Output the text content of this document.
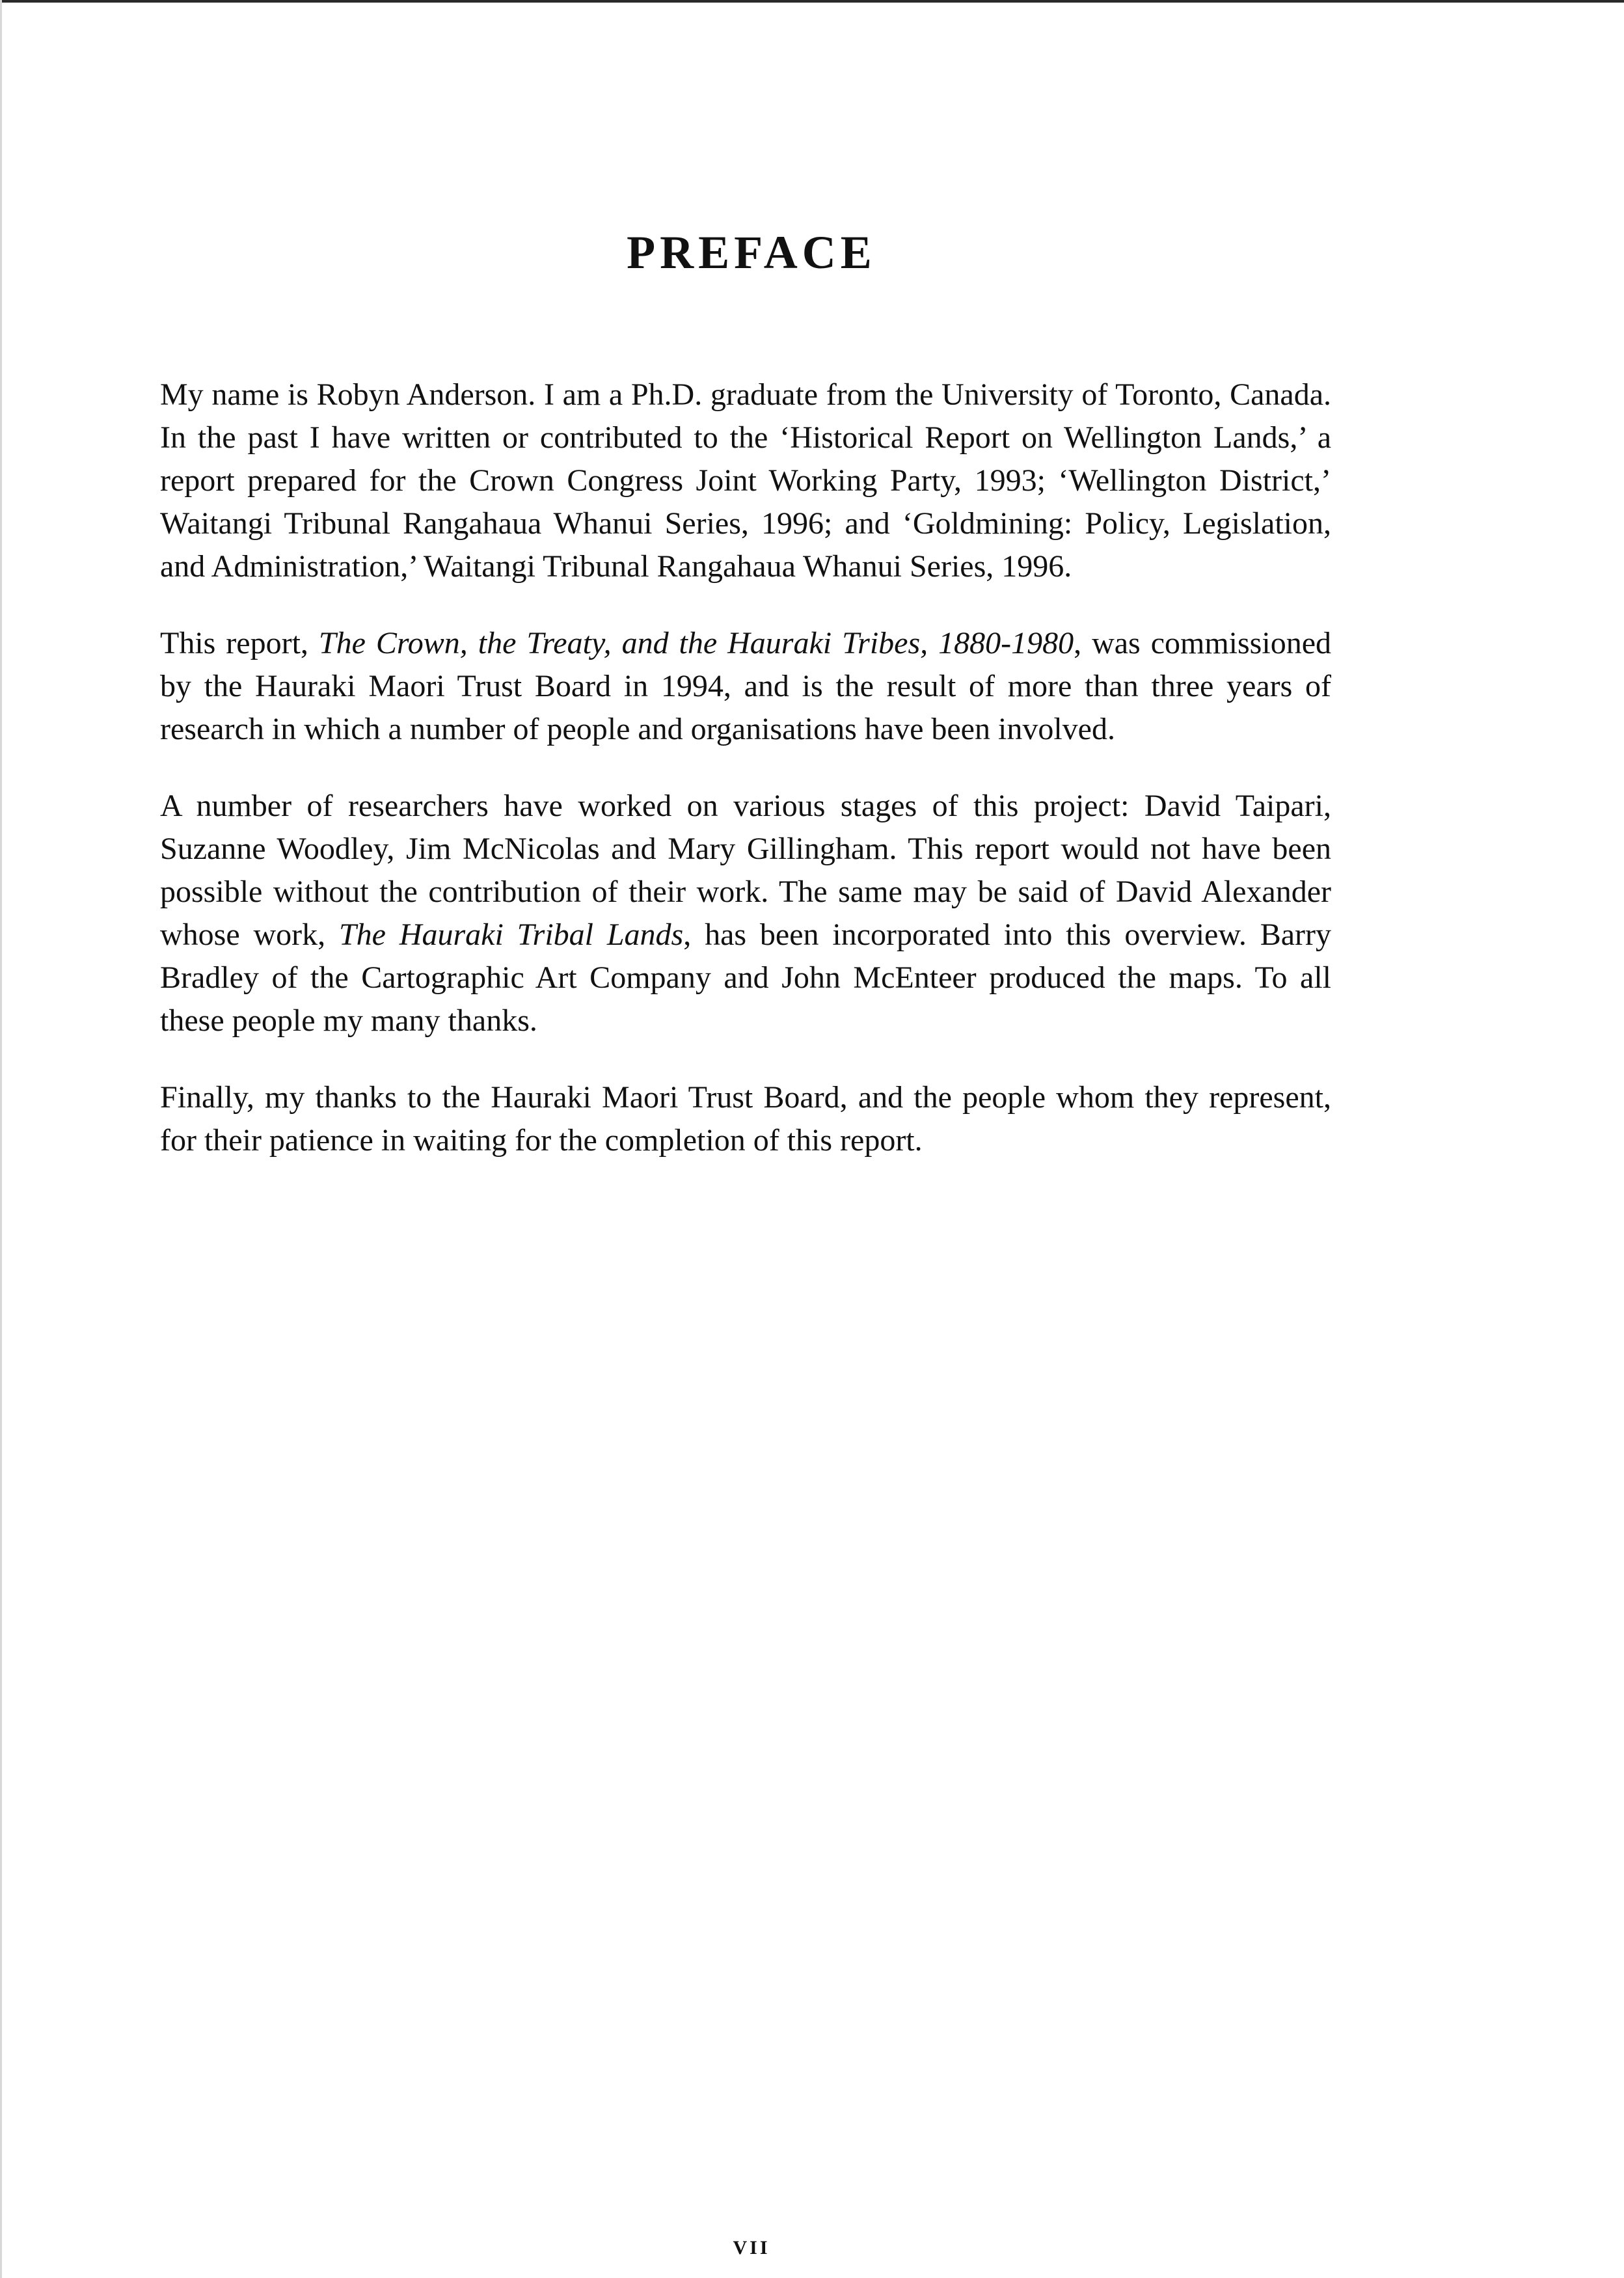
PREFACE

My name is Robyn Anderson. I am a Ph.D. graduate from the University of Toronto, Canada. In the past I have written or contributed to the ‘Historical Report on Wellington Lands,’ a report prepared for the Crown Congress Joint Working Party, 1993; ‘Wellington District,’ Waitangi Tribunal Rangahaua Whanui Series, 1996; and ‘Goldmining: Policy, Legislation, and Administration,’ Waitangi Tribunal Rangahaua Whanui Series, 1996.

This report, The Crown, the Treaty, and the Hauraki Tribes, 1880-1980, was commissioned by the Hauraki Maori Trust Board in 1994, and is the result of more than three years of research in which a number of people and organisations have been involved.

A number of researchers have worked on various stages of this project: David Taipari, Suzanne Woodley, Jim McNicolas and Mary Gillingham. This report would not have been possible without the contribution of their work. The same may be said of David Alexander whose work, The Hauraki Tribal Lands, has been incorporated into this overview. Barry Bradley of the Cartographic Art Company and John McEnteer produced the maps. To all these people my many thanks.

Finally, my thanks to the Hauraki Maori Trust Board, and the people whom they represent, for their patience in waiting for the completion of this report.

VII
